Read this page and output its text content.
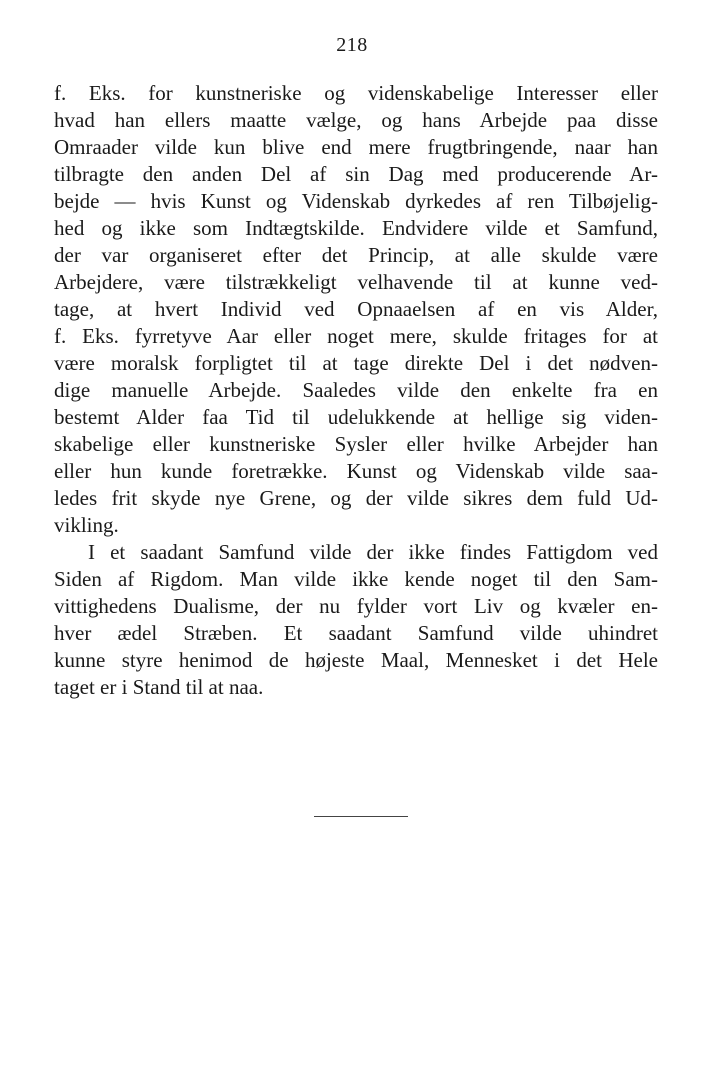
218
f. Eks. for kunstneriske og videnskabelige Interesser eller
hvad han ellers maatte vælge, og hans Arbejde paa disse
Omraader vilde kun blive end mere frugtbringende, naar han
tilbragte den anden Del af sin Dag med producerende Ar-
bejde — hvis Kunst og Videnskab dyrkedes af ren Tilbøjelig-
hed og ikke som Indtægtskilde. Endvidere vilde et Samfund,
der var organiseret efter det Princip, at alle skulde være
Arbejdere, være tilstrækkeligt velhavende til at kunne ved-
tage, at hvert Individ ved Opnaaelsen af en vis Alder,
f. Eks. fyrretyve Aar eller noget mere, skulde fritages for at
være moralsk forpligtet til at tage direkte Del i det nødven-
dige manuelle Arbejde. Saaledes vilde den enkelte fra en
bestemt Alder faa Tid til udelukkende at hellige sig viden-
skabelige eller kunstneriske Sysler eller hvilke Arbejder han
eller hun kunde foretrække. Kunst og Videnskab vilde saa-
ledes frit skyde nye Grene, og der vilde sikres dem fuld Ud-
vikling.
I et saadant Samfund vilde der ikke findes Fattigdom ved
Siden af Rigdom. Man vilde ikke kende noget til den Sam-
vittighedens Dualisme, der nu fylder vort Liv og kvæler en-
hver ædel Stræben. Et saadant Samfund vilde uhindret
kunne styre henimod de højeste Maal, Mennesket i det Hele
taget er i Stand til at naa.
